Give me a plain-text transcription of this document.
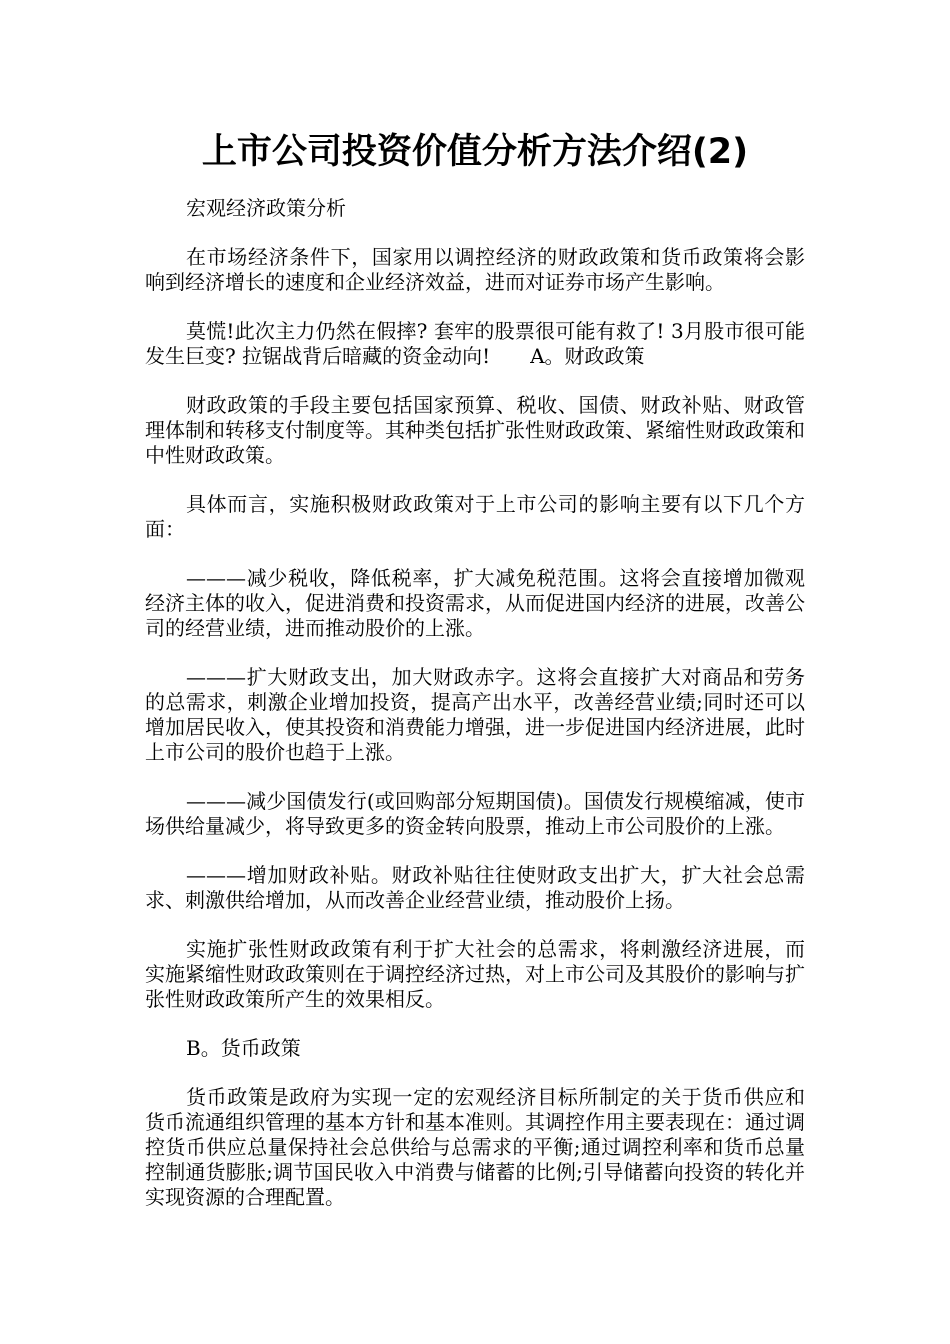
上市公司投资价值分析方法介绍(2)

宏观经济政策分析

在市场经济条件下，国家用以调控经济的财政政策和货币政策将会影响到经济增长的速度和企业经济效益，进而对证券市场产生影响。

莫慌!此次主力仍然在假摔? 套牢的股票很可能有救了! 3月股市很可能发生巨变? 拉锯战背后暗藏的资金动向!　　A。财政政策

财政政策的手段主要包括国家预算、税收、国债、财政补贴、财政管理体制和转移支付制度等。其种类包括扩张性财政政策、紧缩性财政政策和中性财政政策。

具体而言，实施积极财政政策对于上市公司的影响主要有以下几个方面：

———减少税收，降低税率，扩大减免税范围。这将会直接增加微观经济主体的收入，促进消费和投资需求，从而促进国内经济的进展，改善公司的经营业绩，进而推动股价的上涨。

———扩大财政支出，加大财政赤字。这将会直接扩大对商品和劳务的总需求，刺激企业增加投资，提高产出水平，改善经营业绩;同时还可以增加居民收入，使其投资和消费能力增强，进一步促进国内经济进展，此时上市公司的股价也趋于上涨。

———减少国债发行(或回购部分短期国债)。国债发行规模缩减，使市场供给量减少，将导致更多的资金转向股票，推动上市公司股价的上涨。

———增加财政补贴。财政补贴往往使财政支出扩大，扩大社会总需求、刺激供给增加，从而改善企业经营业绩，推动股价上扬。

实施扩张性财政政策有利于扩大社会的总需求，将刺激经济进展，而实施紧缩性财政政策则在于调控经济过热，对上市公司及其股价的影响与扩张性财政政策所产生的效果相反。

B。货币政策

货币政策是政府为实现一定的宏观经济目标所制定的关于货币供应和货币流通组织管理的基本方针和基本准则。其调控作用主要表现在：通过调控货币供应总量保持社会总供给与总需求的平衡;通过调控利率和货币总量控制通货膨胀;调节国民收入中消费与储蓄的比例;引导储蓄向投资的转化并实现资源的合理配置。
